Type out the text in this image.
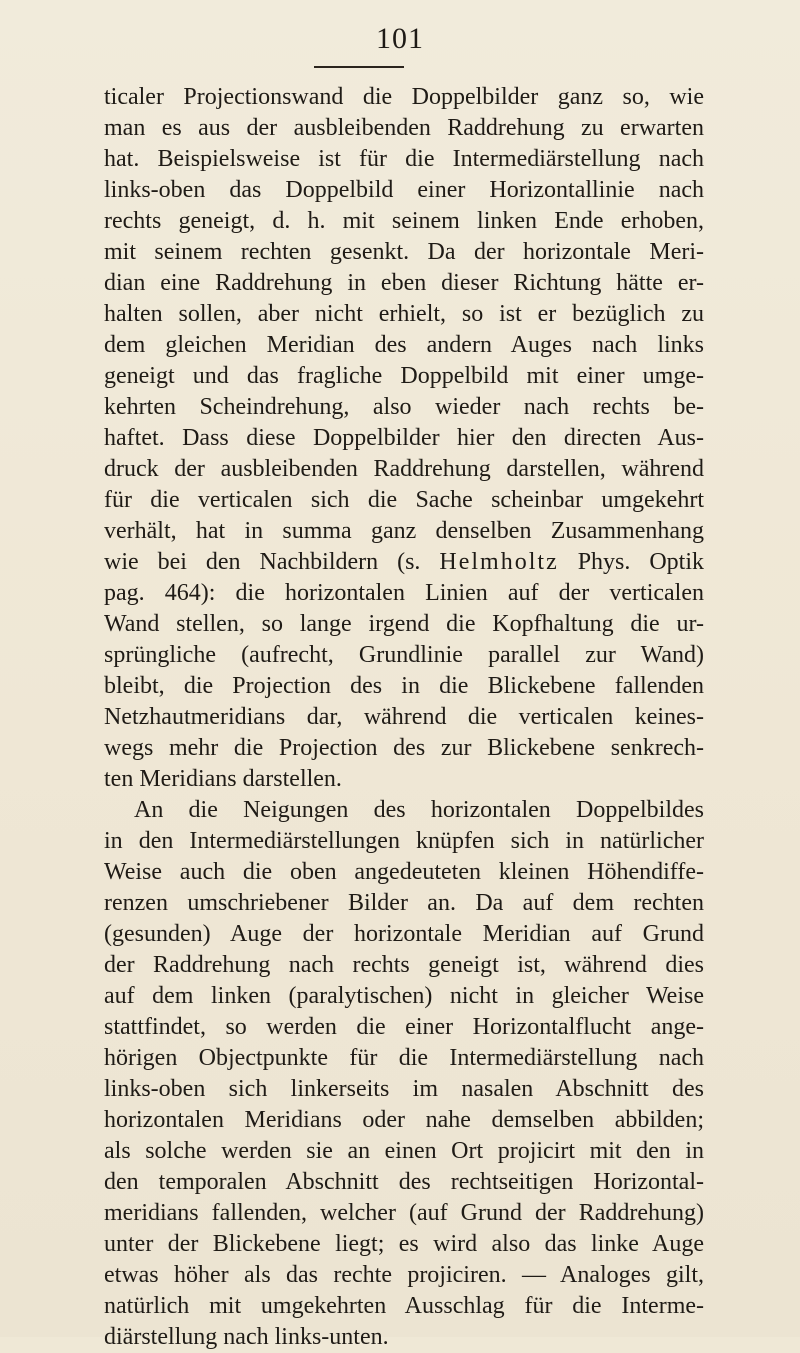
101
ticaler Projectionswand die Doppelbilder ganz so, wie
man es aus der ausbleibenden Raddrehung zu erwarten
hat. Beispielsweise ist für die Intermediärstellung nach
links-oben das Doppelbild einer Horizontallinie nach
rechts geneigt, d. h. mit seinem linken Ende erhoben,
mit seinem rechten gesenkt. Da der horizontale Meri-
dian eine Raddrehung in eben dieser Richtung hätte er-
halten sollen, aber nicht erhielt, so ist er bezüglich zu
dem gleichen Meridian des andern Auges nach links
geneigt und das fragliche Doppelbild mit einer umge-
kehrten Scheindrehung, also wieder nach rechts be-
haftet. Dass diese Doppelbilder hier den directen Aus-
druck der ausbleibenden Raddrehung darstellen, während
für die verticalen sich die Sache scheinbar umgekehrt
verhält, hat in summa ganz denselben Zusammenhang
wie bei den Nachbildern (s. Helmholtz Phys. Optik
pag. 464): die horizontalen Linien auf der verticalen
Wand stellen, so lange irgend die Kopfhaltung die ur-
sprüngliche (aufrecht, Grundlinie parallel zur Wand)
bleibt, die Projection des in die Blickebene fallenden
Netzhautmeridians dar, während die verticalen keines-
wegs mehr die Projection des zur Blickebene senkrech-
ten Meridians darstellen.
An die Neigungen des horizontalen Doppelbildes
in den Intermediärstellungen knüpfen sich in natürlicher
Weise auch die oben angedeuteten kleinen Höhendiffe-
renzen umschriebener Bilder an. Da auf dem rechten
(gesunden) Auge der horizontale Meridian auf Grund
der Raddrehung nach rechts geneigt ist, während dies
auf dem linken (paralytischen) nicht in gleicher Weise
stattfindet, so werden die einer Horizontalflucht ange-
hörigen Objectpunkte für die Intermediärstellung nach
links-oben sich linkerseits im nasalen Abschnitt des
horizontalen Meridians oder nahe demselben abbilden;
als solche werden sie an einen Ort projicirt mit den in
den temporalen Abschnitt des rechtseitigen Horizontal-
meridians fallenden, welcher (auf Grund der Raddrehung)
unter der Blickebene liegt; es wird also das linke Auge
etwas höher als das rechte projiciren. — Analoges gilt,
natürlich mit umgekehrten Ausschlag für die Interme-
diärstellung nach links-unten.
